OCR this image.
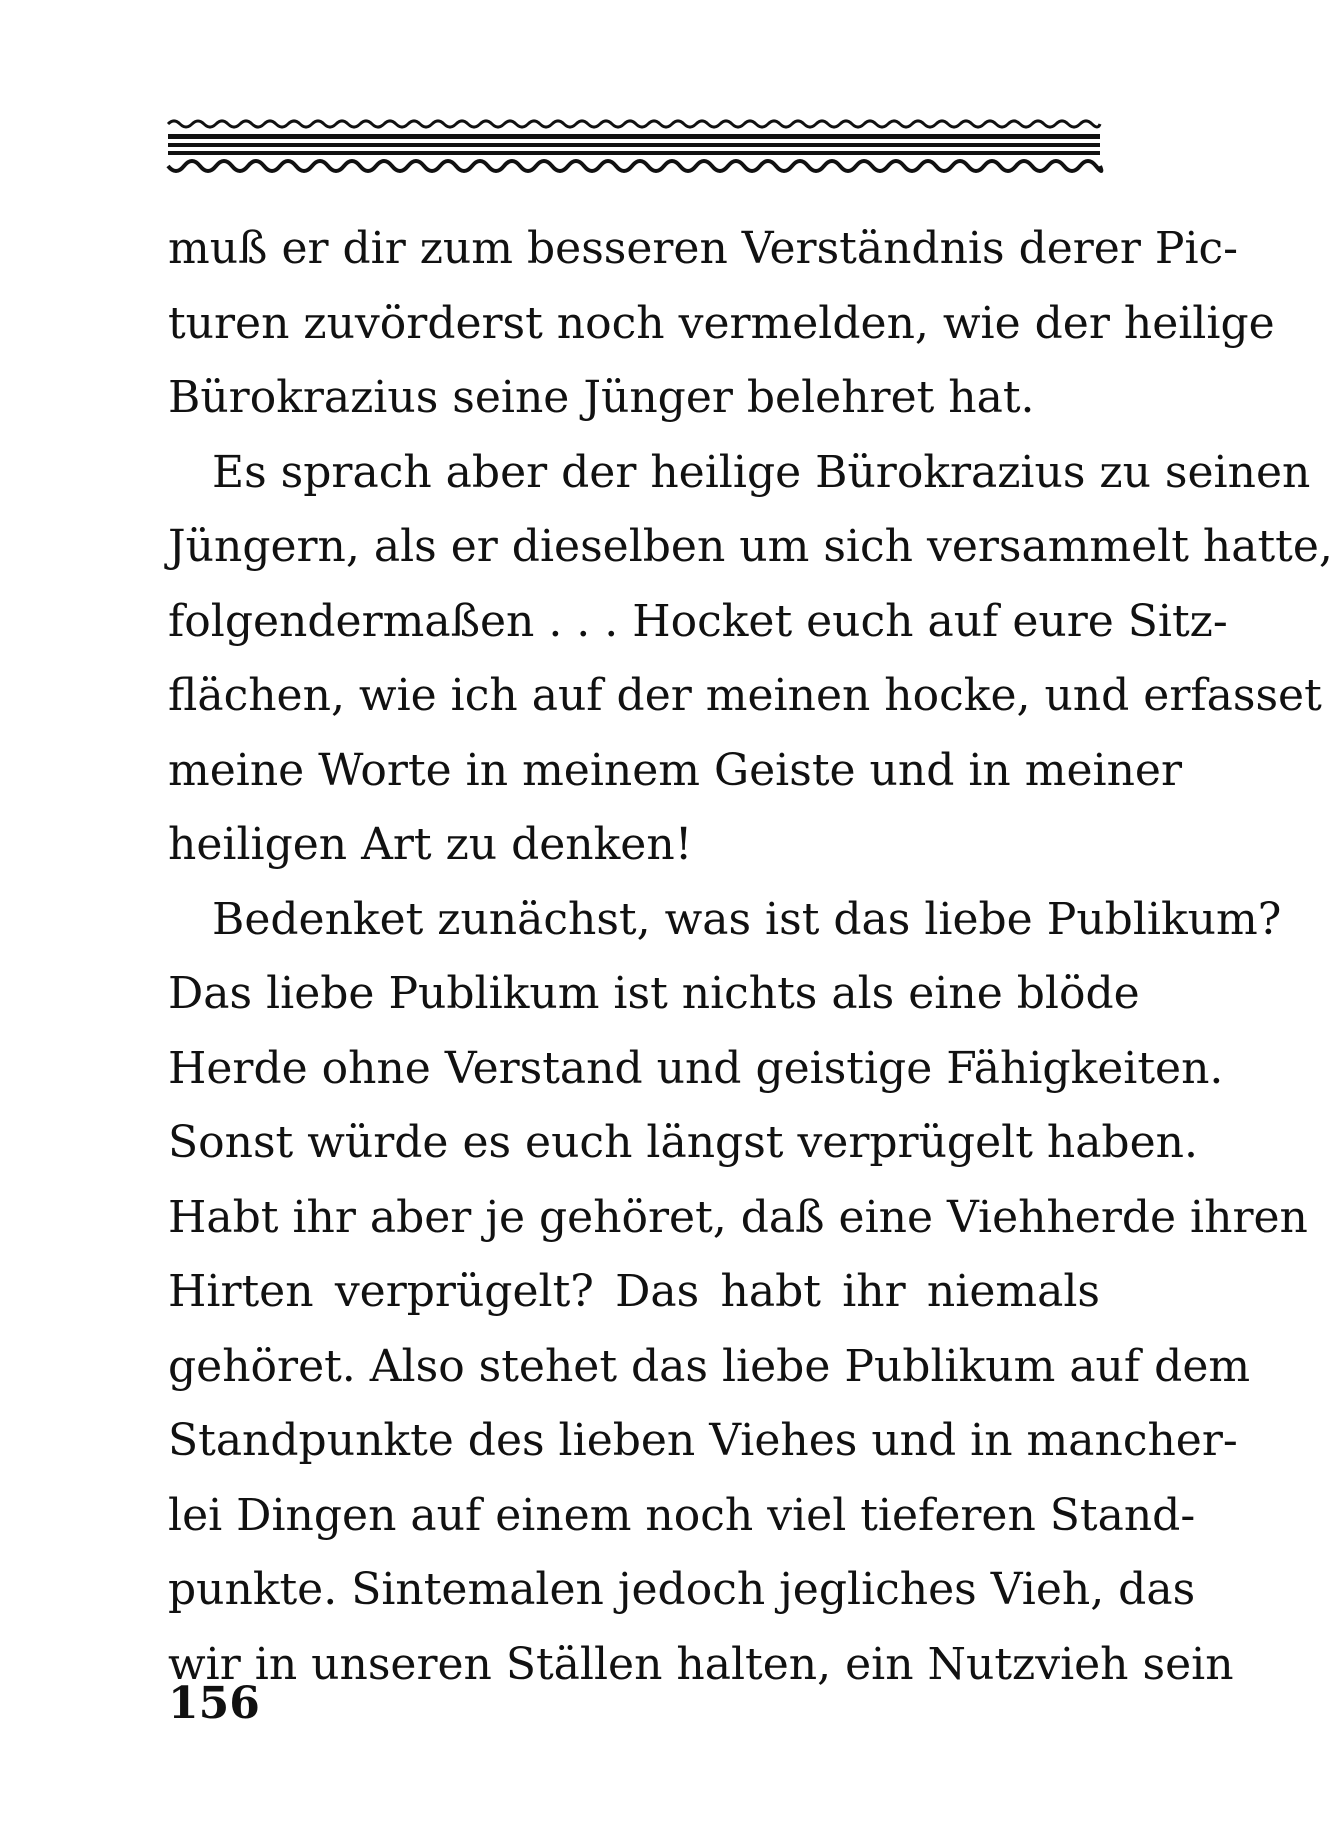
muß er dir zum besseren Verständnis derer Pic-
turen zuvörderst noch vermelden, wie der heilige
Bürokrazius seine Jünger belehret hat.
Es sprach aber der heilige Bürokrazius zu seinen
Jüngern, als er dieselben um sich versammelt hatte,
folgendermaßen . . . Hocket euch auf eure Sitz-
flächen, wie ich auf der meinen hocke, und erfasset
meine Worte in meinem Geiste und in meiner
heiligen Art zu denken!
Bedenket zunächst, was ist das liebe Publikum?
Das liebe Publikum ist nichts als eine blöde
Herde ohne Verstand und geistige Fähigkeiten.
Sonst würde es euch längst verprügelt haben.
Habt ihr aber je gehöret, daß eine Viehherde ihren
Hirten verprügelt? Das habt ihr niemals
gehöret. Also stehet das liebe Publikum auf dem
Standpunkte des lieben Viehes und in mancher-
lei Dingen auf einem noch viel tieferen Stand-
punkte. Sintemalen jedoch jegliches Vieh, das
wir in unseren Ställen halten, ein Nutzvieh sein
156
